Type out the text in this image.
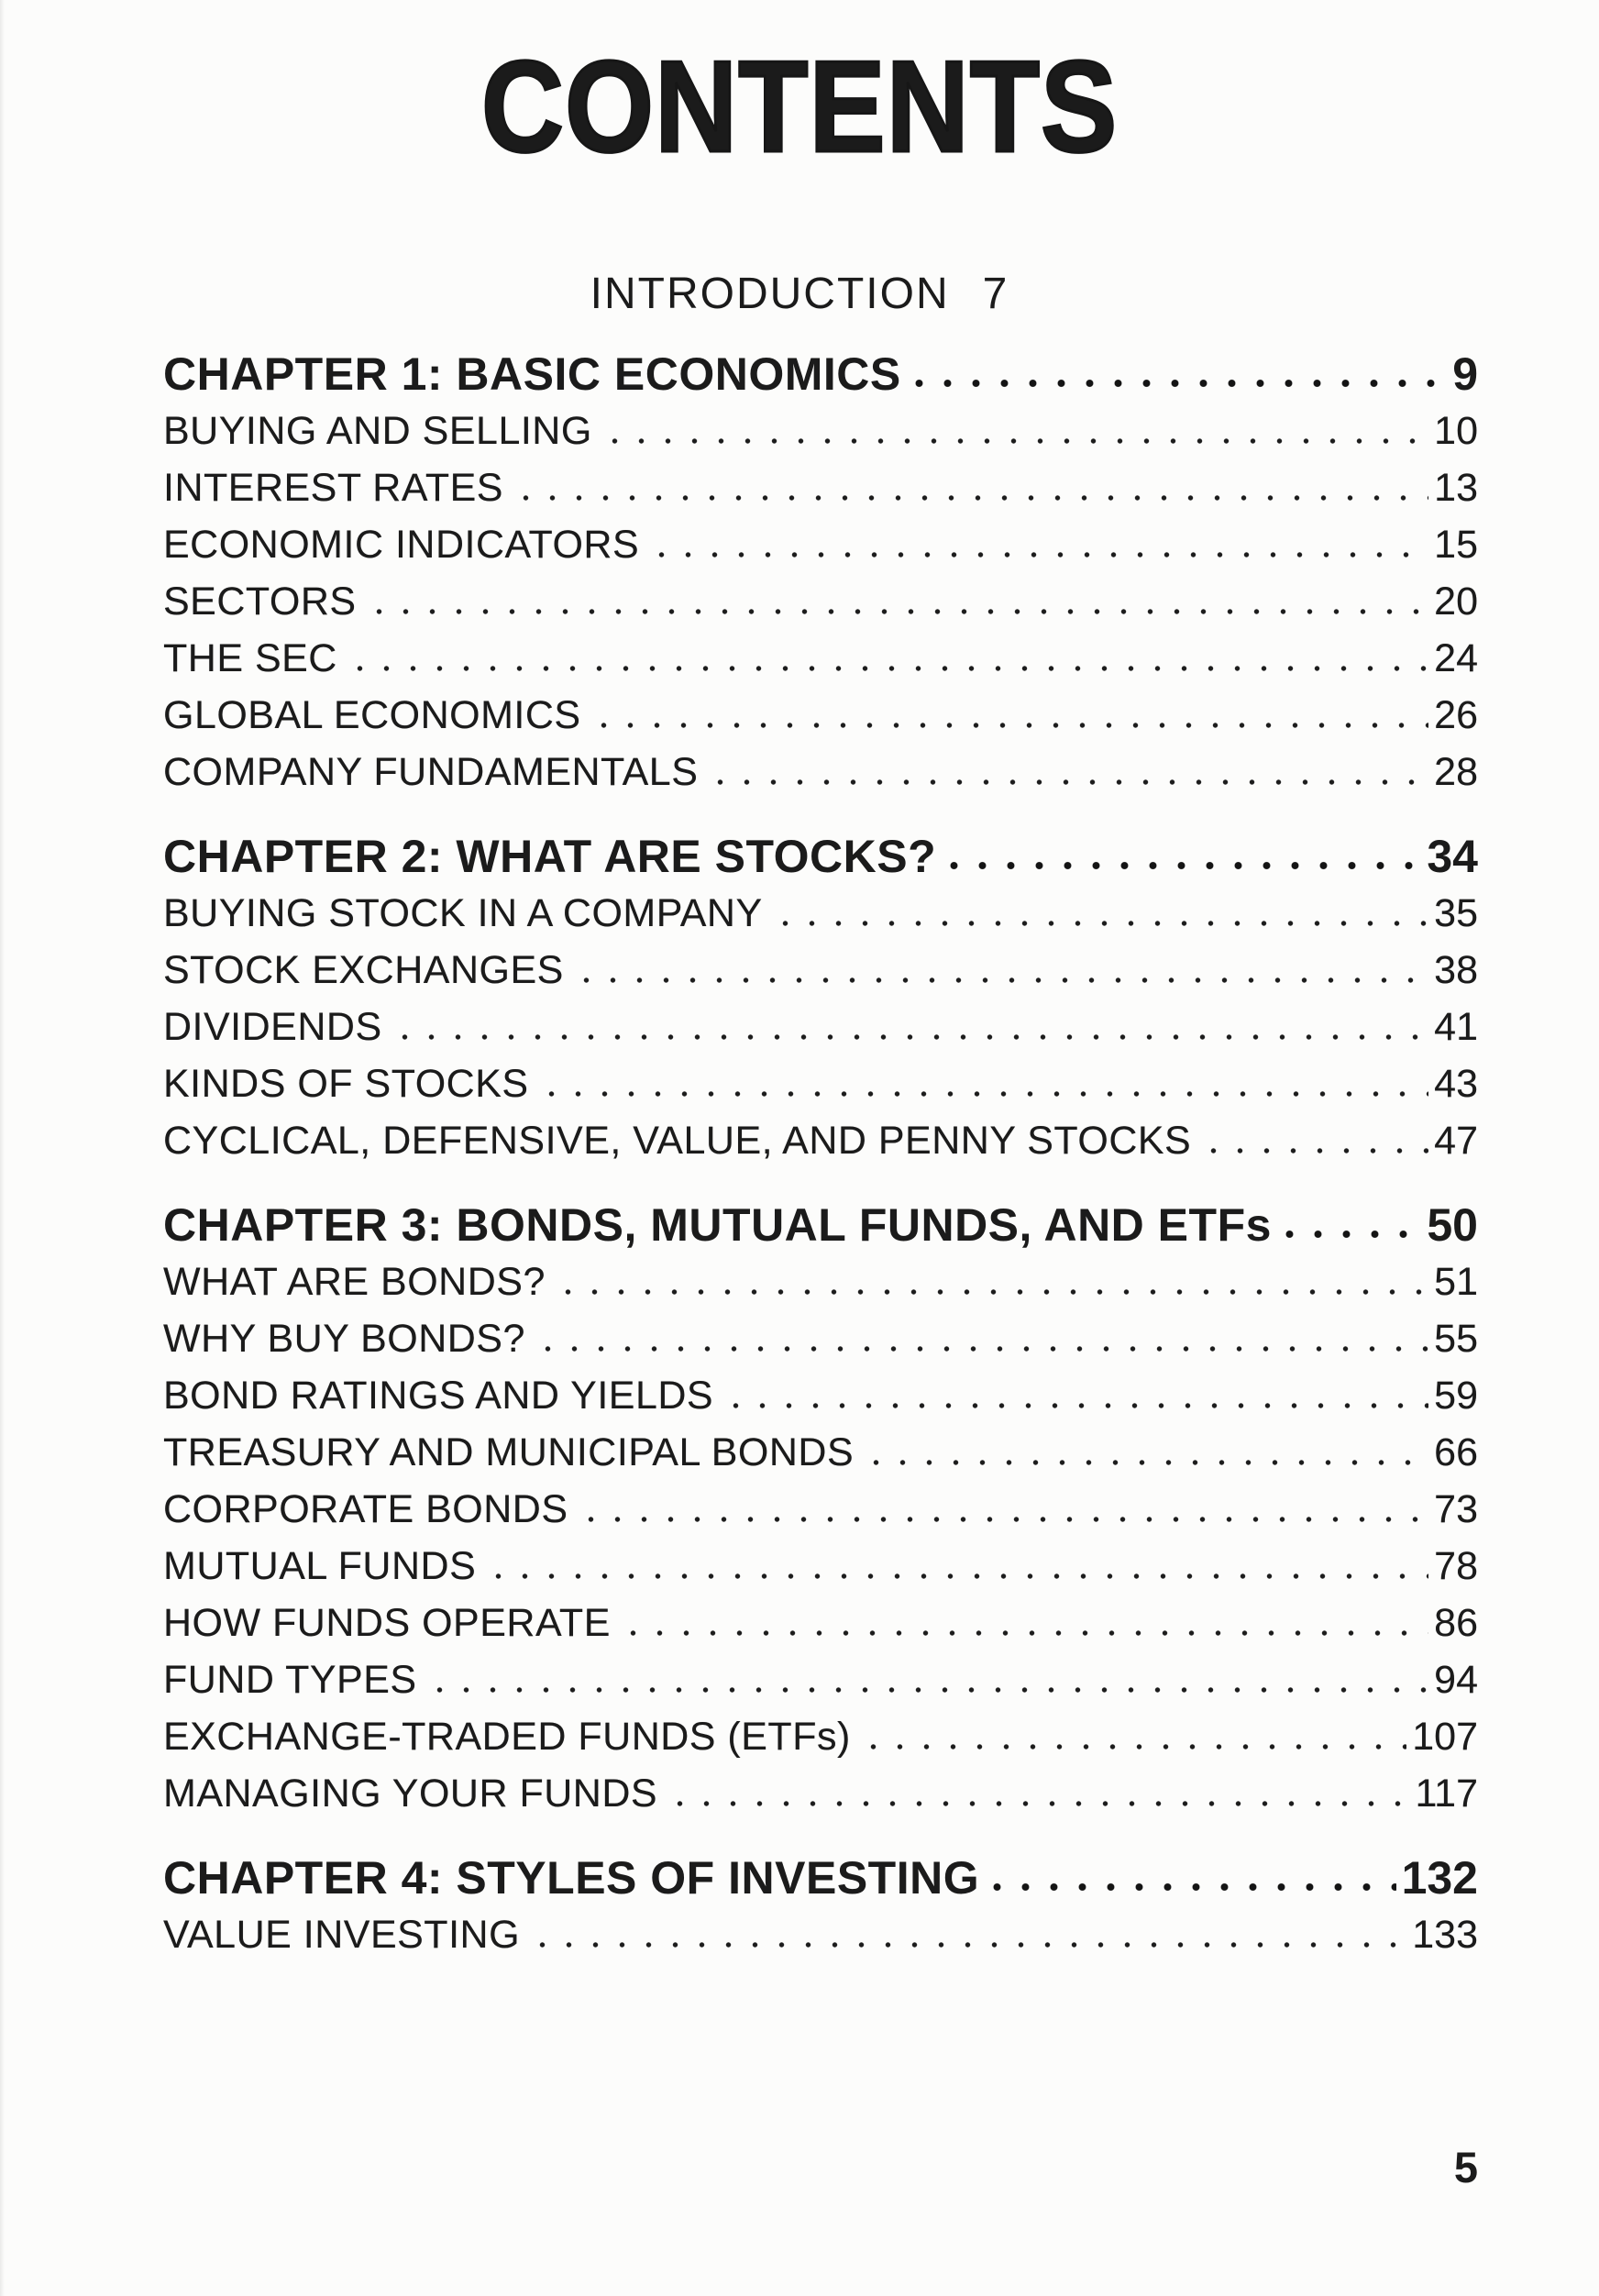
CONTENTS
INTRODUCTION 7
CHAPTER 1: BASIC ECONOMICS	9
BUYING AND SELLING	10
INTEREST RATES	13
ECONOMIC INDICATORS	15
SECTORS	20
THE SEC	24
GLOBAL ECONOMICS	26
COMPANY FUNDAMENTALS	28
CHAPTER 2: WHAT ARE STOCKS?	34
BUYING STOCK IN A COMPANY	35
STOCK EXCHANGES	38
DIVIDENDS	41
KINDS OF STOCKS	43
CYCLICAL, DEFENSIVE, VALUE, AND PENNY STOCKS	47
CHAPTER 3: BONDS, MUTUAL FUNDS, AND ETFs	50
WHAT ARE BONDS?	51
WHY BUY BONDS?	55
BOND RATINGS AND YIELDS	59
TREASURY AND MUNICIPAL BONDS	66
CORPORATE BONDS	73
MUTUAL FUNDS	78
HOW FUNDS OPERATE	86
FUND TYPES	94
EXCHANGE-TRADED FUNDS (ETFs)	107
MANAGING YOUR FUNDS	117
CHAPTER 4: STYLES OF INVESTING	132
VALUE INVESTING	133
5
